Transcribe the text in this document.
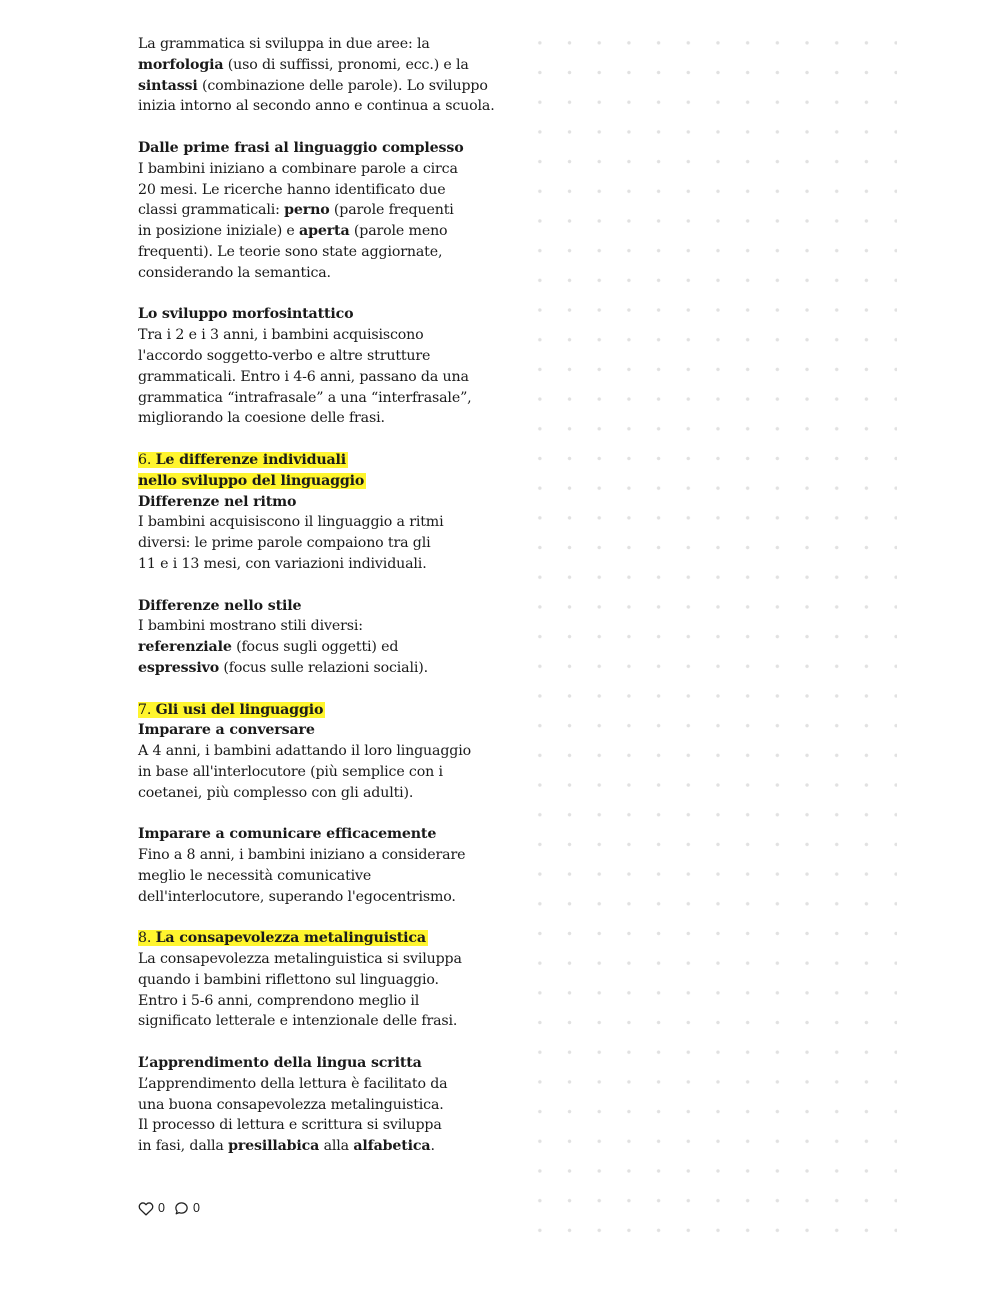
La grammatica si sviluppa in due aree: la

morfologia (uso di suffissi, pronomi, ecc.) e la

sintassi (combinazione delle parole). Lo sviluppo

inizia intorno al secondo anno e continua a scuola.

Dalle prime frasi al linguaggio complesso

I bambini iniziano a combinare parole a circa

20 mesi. Le ricerche hanno identificato due

classi grammaticali: perno (parole frequenti

in posizione iniziale) e aperta (parole meno

frequenti). Le teorie sono state aggiornate,

considerando la semantica.

Lo sviluppo morfosintattico

Tra i 2 e i 3 anni, i bambini acquisiscono

l'accordo soggetto-verbo e altre strutture

grammaticali. Entro i 4-6 anni, passano da una

grammatica “intrafrasale” a una “interfrasale”,

migliorando la coesione delle frasi.

6. Le differenze individuali

nello sviluppo del linguaggio

Differenze nel ritmo

I bambini acquisiscono il linguaggio a ritmi

diversi: le prime parole compaiono tra gli

11 e i 13 mesi, con variazioni individuali.

Differenze nello stile

I bambini mostrano stili diversi:

referenziale (focus sugli oggetti) ed

espressivo (focus sulle relazioni sociali).

7. Gli usi del linguaggio

Imparare a conversare

A 4 anni, i bambini adattando il loro linguaggio

in base all'interlocutore (più semplice con i

coetanei, più complesso con gli adulti).

Imparare a comunicare efficacemente

Fino a 8 anni, i bambini iniziano a considerare

meglio le necessità comunicative

dell'interlocutore, superando l'egocentrismo.

8. La consapevolezza metalinguistica

La consapevolezza metalinguistica si sviluppa

quando i bambini riflettono sul linguaggio.

Entro i 5-6 anni, comprendono meglio il

significato letterale e intenzionale delle frasi.

L’apprendimento della lingua scritta

L’apprendimento della lettura è facilitato da

una buona consapevolezza metalinguistica.

Il processo di lettura e scrittura si sviluppa

in fasi, dalla presillabica alla alfabetica.

0 0
